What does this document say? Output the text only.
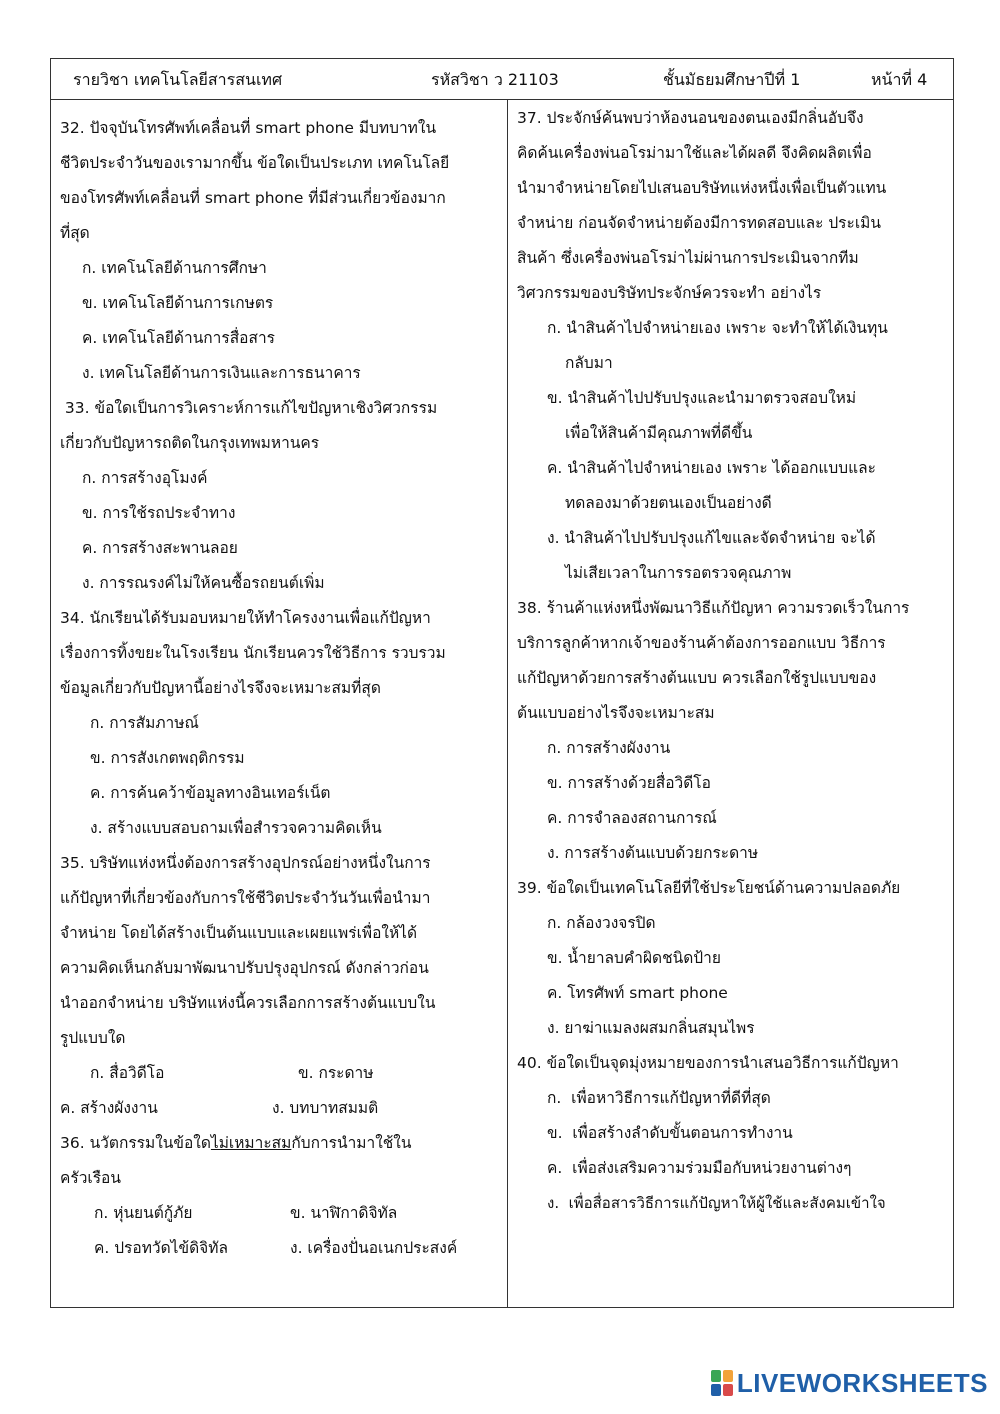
รายวิชา เทคโนโลยีสารสนเทศ	รหัสวิชา ว 21103	ชั้นมัธยมศึกษาปีที่ 1	หน้าที่ 4
32. ปัจจุบันโทรศัพท์เคลื่อนที่ smart phone มีบทบาทใน
ชีวิตประจำวันของเรามากขึ้น ข้อใดเป็นประเภท เทคโนโลยี
ของโทรศัพท์เคลื่อนที่ smart phone ที่มีส่วนเกี่ยวข้องมาก
ที่สุด
ก. เทคโนโลยีด้านการศึกษา
ข. เทคโนโลยีด้านการเกษตร
ค. เทคโนโลยีด้านการสื่อสาร
ง. เทคโนโลยีด้านการเงินและการธนาคาร
33. ข้อใดเป็นการวิเคราะห์การแก้ไขปัญหาเชิงวิศวกรรม
เกี่ยวกับปัญหารถติดในกรุงเทพมหานคร
ก. การสร้างอุโมงค์
ข. การใช้รถประจำทาง
ค. การสร้างสะพานลอย
ง. การรณรงค์ไม่ให้คนซื้อรถยนต์เพิ่ม
34. นักเรียนได้รับมอบหมายให้ทำโครงงานเพื่อแก้ปัญหา
เรื่องการทิ้งขยะในโรงเรียน นักเรียนควรใช้วิธีการ รวบรวม
ข้อมูลเกี่ยวกับปัญหานี้อย่างไรจึงจะเหมาะสมที่สุด
ก. การสัมภาษณ์
ข. การสังเกตพฤติกรรม
ค. การค้นคว้าข้อมูลทางอินเทอร์เน็ต
ง. สร้างแบบสอบถามเพื่อสำรวจความคิดเห็น
35. บริษัทแห่งหนึ่งต้องการสร้างอุปกรณ์อย่างหนึ่งในการ
แก้ปัญหาที่เกี่ยวข้องกับการใช้ชีวิตประจำวันวันเพื่อนำมา
จำหน่าย โดยได้สร้างเป็นต้นแบบและเผยแพร่เพื่อให้ได้
ความคิดเห็นกลับมาพัฒนาปรับปรุงอุปกรณ์ ดังกล่าวก่อน
นำออกจำหน่าย บริษัทแห่งนี้ควรเลือกการสร้างต้นแบบใน
รูปแบบใด
ก. สื่อวิดีโอ	ข. กระดาษ
ค. สร้างผังงาน	ง. บทบาทสมมติ
36. นวัตกรรมในข้อใดไม่เหมาะสมกับการนำมาใช้ใน
ครัวเรือน
ก. หุ่นยนต์กู้ภัย	ข. นาฬิกาดิจิทัล
ค. ปรอทวัดไข้ดิจิทัล	ง. เครื่องปั่นอเนกประสงค์
37. ประจักษ์ค้นพบว่าห้องนอนของตนเองมีกลิ่นอับจึง
คิดค้นเครื่องพ่นอโรม่ามาใช้และได้ผลดี จึงคิดผลิตเพื่อ
นำมาจำหน่ายโดยไปเสนอบริษัทแห่งหนึ่งเพื่อเป็นตัวแทน
จำหน่าย ก่อนจัดจำหน่ายต้องมีการทดสอบและ ประเมิน
สินค้า ซึ่งเครื่องพ่นอโรม่าไม่ผ่านการประเมินจากทีม
วิศวกรรมของบริษัทประจักษ์ควรจะทำ อย่างไร
ก. นำสินค้าไปจำหน่ายเอง เพราะ จะทำให้ได้เงินทุน
กลับมา
ข. นำสินค้าไปปรับปรุงและนำมาตรวจสอบใหม่
เพื่อให้สินค้ามีคุณภาพที่ดีขึ้น
ค. นำสินค้าไปจำหน่ายเอง เพราะ ได้ออกแบบและ
ทดลองมาด้วยตนเองเป็นอย่างดี
ง. นำสินค้าไปปรับปรุงแก้ไขและจัดจำหน่าย จะได้
ไม่เสียเวลาในการรอตรวจคุณภาพ
38. ร้านค้าแห่งหนึ่งพัฒนาวิธีแก้ปัญหา ความรวดเร็วในการ
บริการลูกค้าหากเจ้าของร้านค้าต้องการออกแบบ วิธีการ
แก้ปัญหาด้วยการสร้างต้นแบบ ควรเลือกใช้รูปแบบของ
ต้นแบบอย่างไรจึงจะเหมาะสม
ก. การสร้างผังงาน
ข. การสร้างด้วยสื่อวิดีโอ
ค. การจำลองสถานการณ์
ง. การสร้างต้นแบบด้วยกระดาษ
39. ข้อใดเป็นเทคโนโลยีที่ใช้ประโยชน์ด้านความปลอดภัย
ก. กล้องวงจรปิด
ข. น้ำยาลบคำผิดชนิดป้าย
ค. โทรศัพท์ smart phone
ง. ยาฆ่าแมลงผสมกลิ่นสมุนไพร
40. ข้อใดเป็นจุดมุ่งหมายของการนำเสนอวิธีการแก้ปัญหา
ก.  เพื่อหาวิธีการแก้ปัญหาที่ดีที่สุด
ข.  เพื่อสร้างลำดับขั้นตอนการทำงาน
ค.  เพื่อส่งเสริมความร่วมมือกับหน่วยงานต่างๆ
ง.  เพื่อสื่อสารวิธีการแก้ปัญหาให้ผู้ใช้และสังคมเข้าใจ
LIVEWORKSHEETS
